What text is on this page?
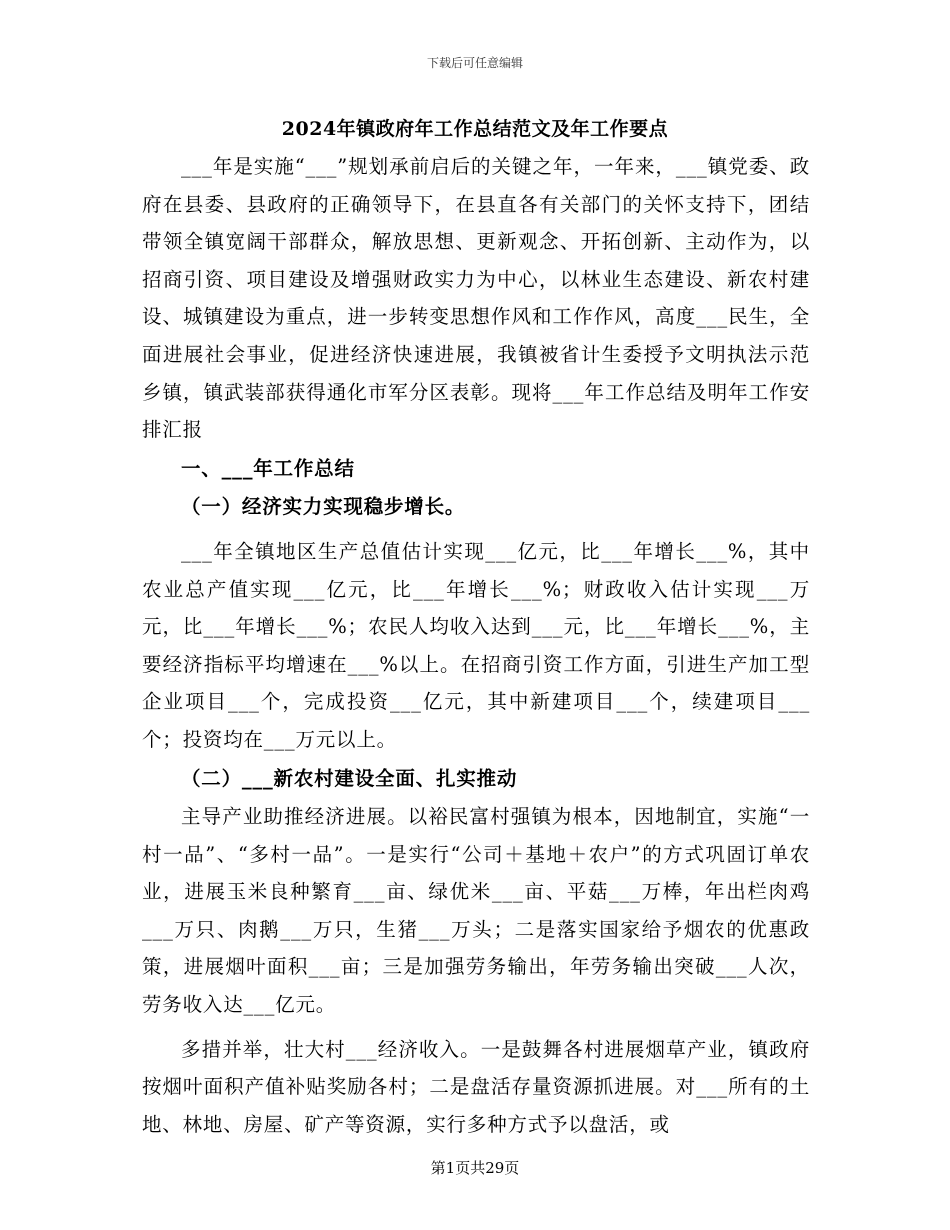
下载后可任意编辑
2024年镇政府年工作总结范文及年工作要点

___年是实施“___”规划承前启后的关键之年，一年来，___镇党委、政府在县委、县政府的正确领导下，在县直各有关部门的关怀支持下，团结带领全镇宽阔干部群众，解放思想、更新观念、开拓创新、主动作为，以招商引资、项目建设及增强财政实力为中心，以林业生态建设、新农村建设、城镇建设为重点，进一步转变思想作风和工作作风，高度___民生，全面进展社会事业，促进经济快速进展，我镇被省计生委授予文明执法示范乡镇，镇武装部获得通化市军分区表彰。现将___年工作总结及明年工作安排汇报

一、___年工作总结

（一）经济实力实现稳步增长。

___年全镇地区生产总值估计实现___亿元，比___年增长___%，其中农业总产值实现___亿元，比___年增长___%；财政收入估计实现___万元，比___年增长___%；农民人均收入达到___元，比___年增长___%，主要经济指标平均增速在___%以上。在招商引资工作方面，引进生产加工型企业项目___个，完成投资___亿元，其中新建项目___个，续建项目___个；投资均在___万元以上。

（二）___新农村建设全面、扎实推动

主导产业助推经济进展。以裕民富村强镇为根本，因地制宜，实施“一村一品”、“多村一品”。一是实行“公司＋基地＋农户”的方式巩固订单农业，进展玉米良种繁育___亩、绿优米___亩、平菇___万棒，年出栏肉鸡___万只、肉鹅___万只，生猪___万头；二是落实国家给予烟农的优惠政策，进展烟叶面积___亩；三是加强劳务输出，年劳务输出突破___人次，劳务收入达___亿元。

多措并举，壮大村___经济收入。一是鼓舞各村进展烟草产业，镇政府按烟叶面积产值补贴奖励各村；二是盘活存量资源抓进展。对___所有的土地、林地、房屋、矿产等资源，实行多种方式予以盘活，或

第1页共29页
